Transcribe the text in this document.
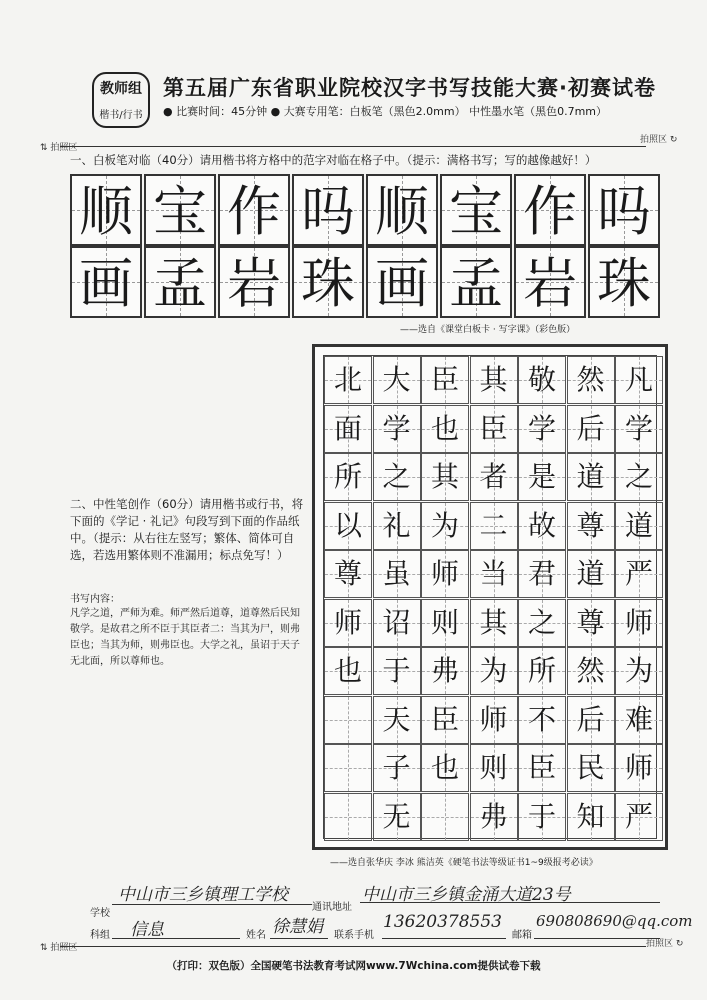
教师组
楷书/行书
第五届广东省职业院校汉字书写技能大赛·初赛试卷
● 比赛时间：45分钟 ● 大赛专用笔：白板笔（黑色2.0mm） 中性墨水笔（黑色0.7mm）
⇅ 拍照区
拍照区 ↻
一、白板笔对临（40分）请用楷书将方格中的范字对临在格子中。（提示：满格书写；写的越像越好！）
顺 宝 作 吗 顺 宝 作 吗
画 孟 岩 珠 画 孟 岩 珠
——选自《课堂白板卡 · 写字课》（彩色版）
二、中性笔创作（60分）请用楷书或行书，将下面的《学记 · 礼记》句段写到下面的作品纸中。（提示：从右往左竖写；繁体、简体可自选，若选用繁体则不准漏用；标点免写！）
书写内容：
凡学之道，严师为难。师严然后道尊，道尊然后民知敬学。是故君之所不臣于其臣者二：当其为尸，则弗臣也；当其为师，则弗臣也。大学之礼，虽诏于天子无北面，所以尊师也。
北
面
所
以
尊
师
也
大
学
之
礼
虽
诏
于
天
子
无
臣
也
其
为
师
则
弗
臣
也
其
臣
者
二
当
其
为
师
则
弗
敬
学
是
故
君
之
所
不
臣
于
然
后
道
尊
道
尊
然
后
民
知
凡
学
之
道
严
师
为
难
师
严
——选自张华庆 李冰 熊洁英《硬笔书法等级证书1~9级报考必读》
中山市三乡镇理工学校
学校
中山市三乡镇金涌大道23号
通讯地址
信息
科组	姓名 徐慧娟 联系手机
13620378553
邮箱
690808690@qq.com
⇅ 拍照区	拍照区 ↻
（打印：双色版）全国硬笔书法教育考试网www.7Wchina.com提供试卷下载
